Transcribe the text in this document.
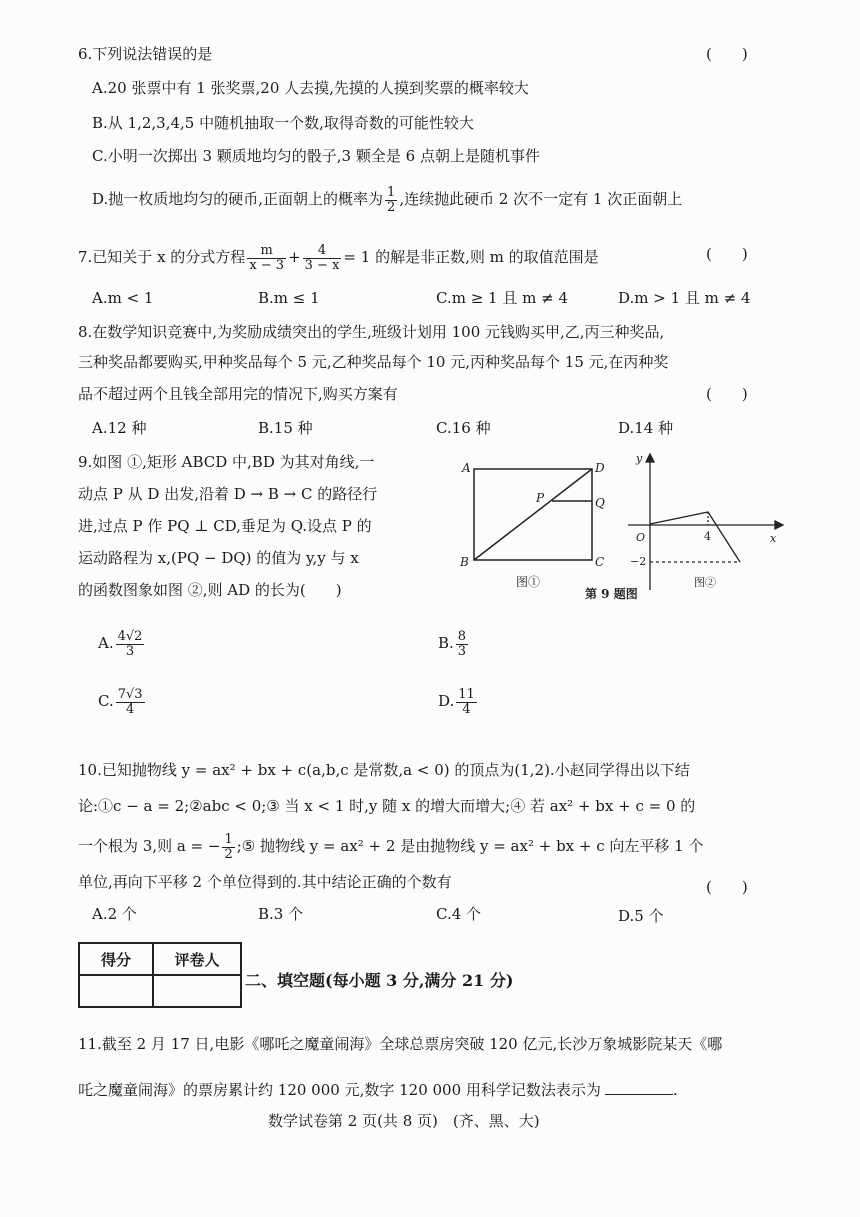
6.下列说法错误的是	(　　)
A.20 张票中有 1 张奖票,20 人去摸,先摸的人摸到奖票的概率较大
B.从 1,2,3,4,5 中随机抽取一个数,取得奇数的可能性较大
C.小明一次掷出 3 颗质地均匀的骰子,3 颗全是 6 点朝上是随机事件
D.抛一枚质地均匀的硬币,正面朝上的概率为 $\frac{1}{2}$ ,连续抛此硬币 2 次不一定有 1 次正面朝上
7.已知关于 x 的分式方程 $\frac{m}{x - 3} + \frac{4}{3 - x} = 1$ 的解是非正数,则 m 的取值范围是	(　　)
A.m < 1	B.m ≤ 1	C.m ≥ 1 且 m ≠ 4	D.m > 1 且 m ≠ 4
8.在数学知识竞赛中,为奖励成绩突出的学生,班级计划用 100 元钱购买甲,乙,丙三种奖品,
三种奖品都要购买,甲种奖品每个 5 元,乙种奖品每个 10 元,丙种奖品每个 15 元,在丙种奖
品不超过两个且钱全部用完的情况下,购买方案有	(　　)
A.12 种	B.15 种	C.16 种	D.14 种
9.如图 ①,矩形 ABCD 中,BD 为其对角线,一
动点 P 从 D 出发,沿着 D → B → C 的路径行
进,过点 P 作 PQ ⊥ CD,垂足为 Q.设点 P 的
运动路程为 x,(PQ − DQ) 的值为 y,y 与 x
的函数图象如图 ②,则 AD 的长为(　　)
A	D
B	C
P	Q
图①
y
x
O	4
−2
图②
第 9 题图
A. $\frac{4√2}{3}$	B. $\frac{8}{3}$
C. $\frac{7√3}{4}$	D. $\frac{11}{4}$
10.已知抛物线 y = ax² + bx + c(a,b,c 是常数,a < 0) 的顶点为(1,2).小赵同学得出以下结
论:①c − a = 2;②abc < 0;③ 当 x < 1 时,y 随 x 的增大而增大;④ 若 ax² + bx + c = 0 的
一个根为 3,则 a = − $\frac{1}{2}$ ;⑤ 抛物线 y = ax² + 2 是由抛物线 y = ax² + bx + c 向左平移 1 个
单位,再向下平移 2 个单位得到的.其中结论正确的个数有	(　　)
A.2 个	B.3 个	C.4 个	D.5 个
得分	评卷人

二、填空题(每小题 3 分,满分 21 分)
11.截至 2 月 17 日,电影《哪吒之魔童闹海》全球总票房突破 120 亿元,长沙万象城影院某天《哪
吒之魔童闹海》的票房累计约 120 000 元,数字 120 000 用科学记数法表示为	.
数学试卷第 2 页(共 8 页)　(齐、黑、大)
